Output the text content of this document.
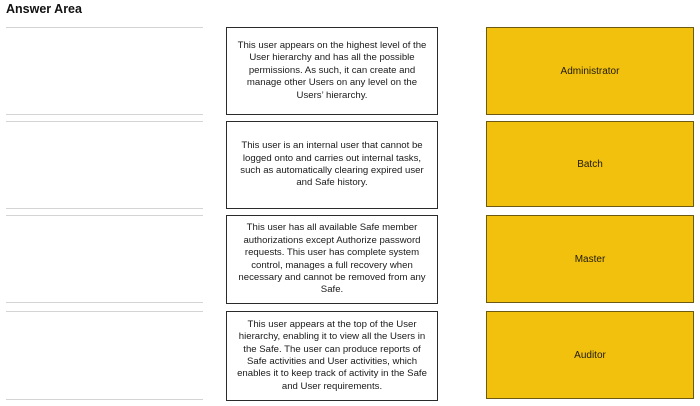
Answer Area
This user appears on the highest level of the User hierarchy and has all the possible permissions. As such, it can create and manage other Users on any level on the Users’ hierarchy.
Administrator
This user is an internal user that cannot be logged onto and carries out internal tasks, such as automatically clearing expired user and Safe history.
Batch
This user has all available Safe member authorizations except Authorize password requests. This user has complete system control, manages a full recovery when necessary and cannot be removed from any Safe.
Master
This user appears at the top of the User hierarchy, enabling it to view all the Users in the Safe. The user can produce reports of Safe activities and User activities, which enables it to keep track of activity in the Safe and User requirements.
Auditor
